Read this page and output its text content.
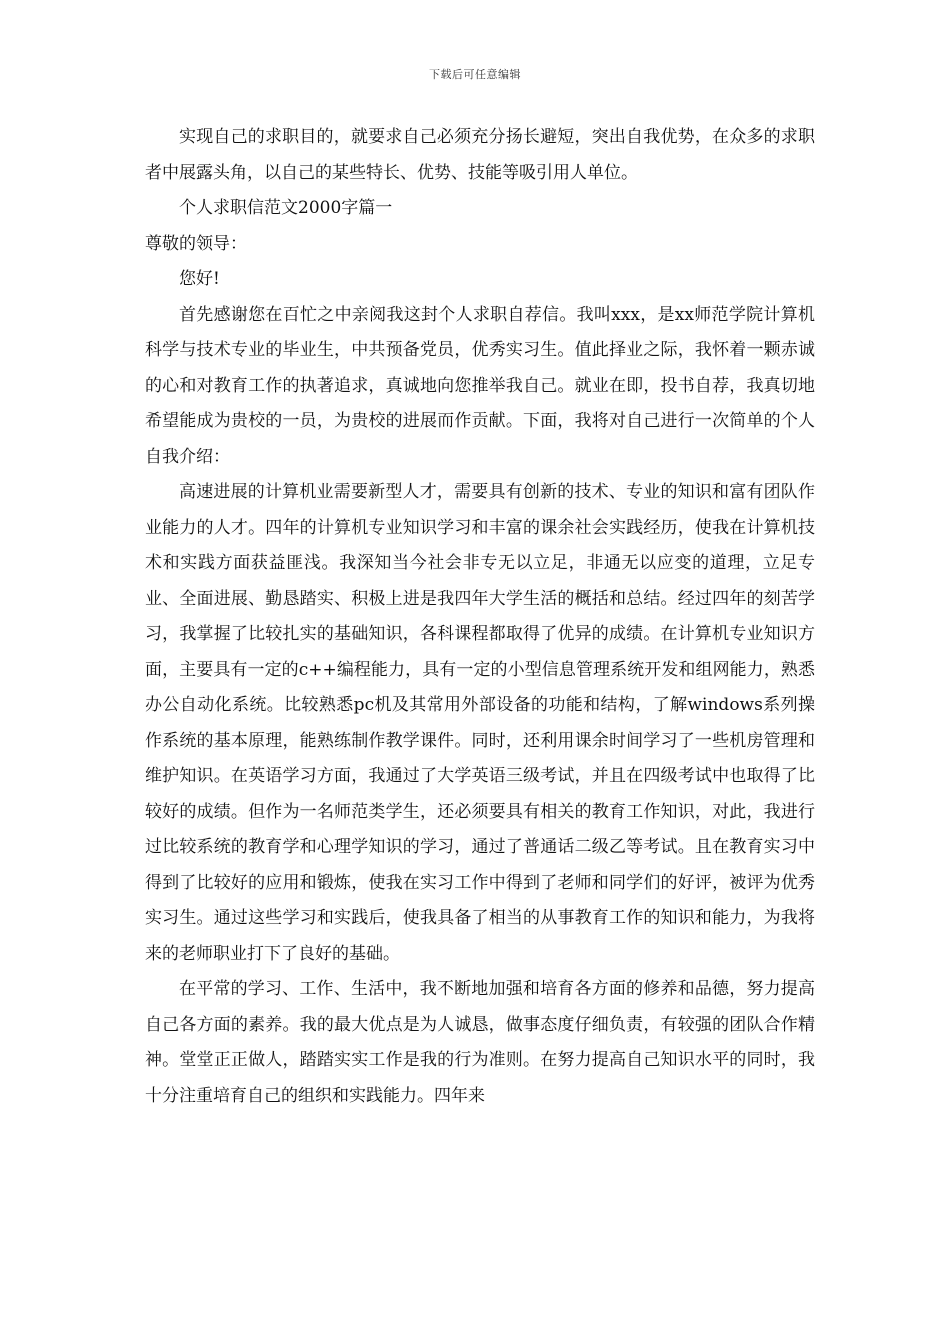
下载后可任意编辑

实现自己的求职目的，就要求自己必须充分扬长避短，突出自我优势，在众多的求职者中展露头角，以自己的某些特长、优势、技能等吸引用人单位。

个人求职信范文2000字篇一

尊敬的领导：

您好!

首先感谢您在百忙之中亲阅我这封个人求职自荐信。我叫xxx，是xx师范学院计算机科学与技术专业的毕业生，中共预备党员，优秀实习生。值此择业之际，我怀着一颗赤诚的心和对教育工作的执著追求，真诚地向您推举我自己。就业在即，投书自荐，我真切地希望能成为贵校的一员，为贵校的进展而作贡献。下面，我将对自己进行一次简单的个人自我介绍：

高速进展的计算机业需要新型人才，需要具有创新的技术、专业的知识和富有团队作业能力的人才。四年的计算机专业知识学习和丰富的课余社会实践经历，使我在计算机技术和实践方面获益匪浅。我深知当今社会非专无以立足，非通无以应变的道理，立足专业、全面进展、勤恳踏实、积极上进是我四年大学生活的概括和总结。经过四年的刻苦学习，我掌握了比较扎实的基础知识，各科课程都取得了优异的成绩。在计算机专业知识方面，主要具有一定的c++编程能力，具有一定的小型信息管理系统开发和组网能力，熟悉办公自动化系统。比较熟悉pc机及其常用外部设备的功能和结构，了解windows系列操作系统的基本原理，能熟练制作教学课件。同时，还利用课余时间学习了一些机房管理和维护知识。在英语学习方面，我通过了大学英语三级考试，并且在四级考试中也取得了比较好的成绩。但作为一名师范类学生，还必须要具有相关的教育工作知识，对此，我进行过比较系统的教育学和心理学知识的学习，通过了普通话二级乙等考试。且在教育实习中得到了比较好的应用和锻炼，使我在实习工作中得到了老师和同学们的好评，被评为优秀实习生。通过这些学习和实践后，使我具备了相当的从事教育工作的知识和能力，为我将来的老师职业打下了良好的基础。

在平常的学习、工作、生活中，我不断地加强和培育各方面的修养和品德，努力提高自己各方面的素养。我的最大优点是为人诚恳，做事态度仔细负责，有较强的团队合作精神。堂堂正正做人，踏踏实实工作是我的行为准则。在努力提高自己知识水平的同时，我十分注重培育自己的组织和实践能力。四年来
